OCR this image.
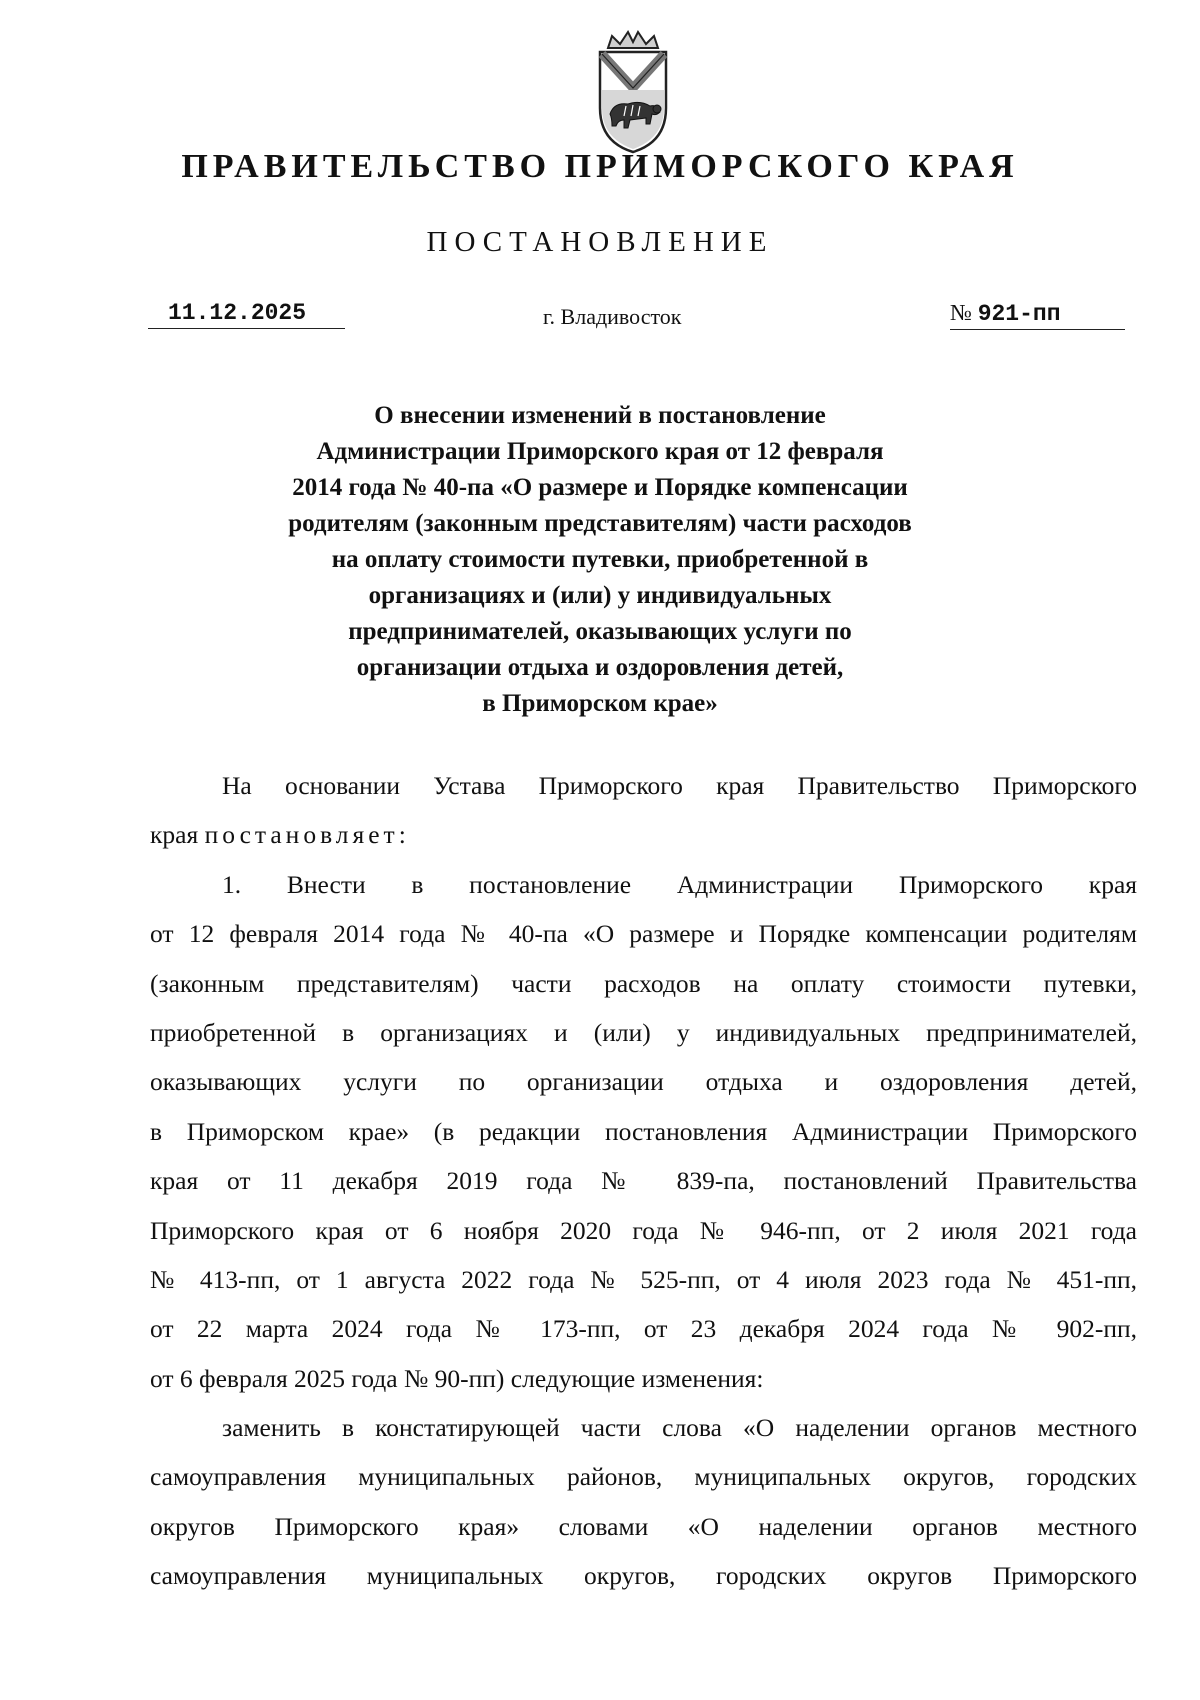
ПРАВИТЕЛЬСТВО ПРИМОРСКОГО КРАЯ
ПОСТАНОВЛЕНИЕ
11.12.2025	г. Владивосток	№ 921-пп
О внесении изменений в постановление
Администрации Приморского края от 12 февраля
2014 года № 40-па «О размере и Порядке компенсации
родителям (законным представителям) части расходов
на оплату стоимости путевки, приобретенной в
организациях и (или) у индивидуальных
предпринимателей, оказывающих услуги по
организации отдыха и оздоровления детей,
в Приморском крае»
На основании Устава Приморского края Правительство Приморского
края постановляет:
1. Внести в постановление Администрации Приморского края
от 12 февраля 2014 года № 40-па «О размере и Порядке компенсации родителям
(законным представителям) части расходов на оплату стоимости путевки,
приобретенной в организациях и (или) у индивидуальных предпринимателей,
оказывающих услуги по организации отдыха и оздоровления детей,
в Приморском крае» (в редакции постановления Администрации Приморского
края от 11 декабря 2019 года № 839-па, постановлений Правительства
Приморского края от 6 ноября 2020 года № 946-пп, от 2 июля 2021 года
№ 413-пп, от 1 августа 2022 года № 525-пп, от 4 июля 2023 года № 451-пп,
от 22 марта 2024 года № 173-пп, от 23 декабря 2024 года № 902-пп,
от 6 февраля 2025 года № 90-пп) следующие изменения:
заменить в констатирующей части слова «О наделении органов местного
самоуправления муниципальных районов, муниципальных округов, городских
округов Приморского края» словами «О наделении органов местного
самоуправления муниципальных округов, городских округов Приморского
